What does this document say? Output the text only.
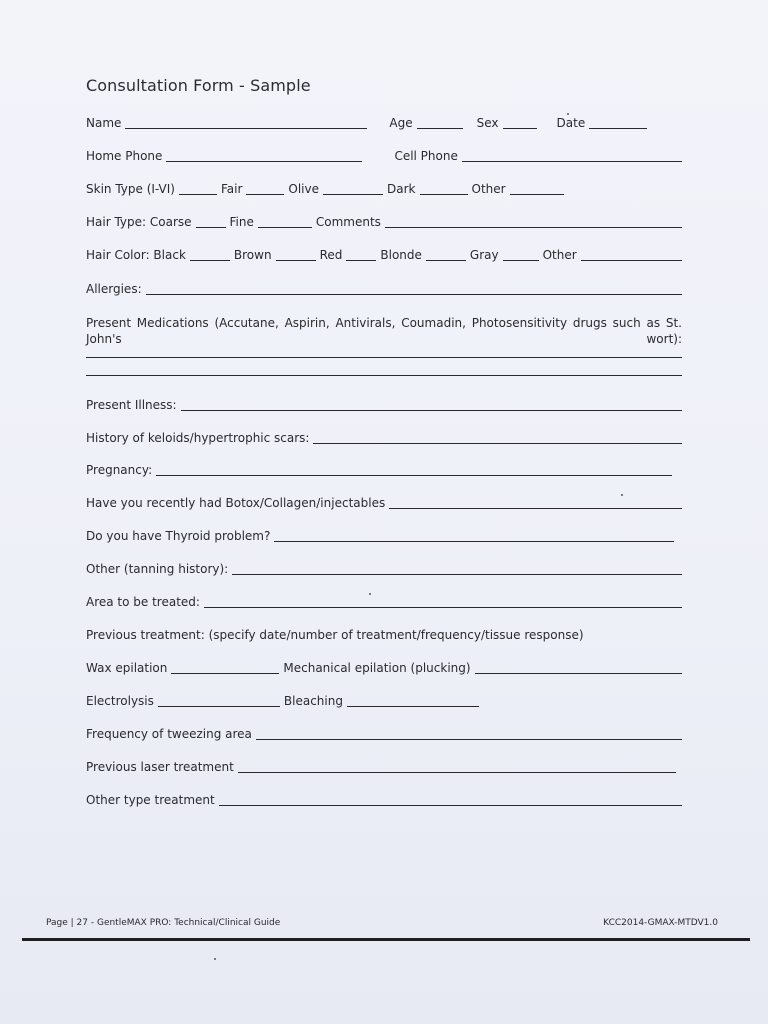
Consultation Form - Sample
Name	Age	Sex	Date
Home Phone	Cell Phone
Skin Type (I-VI)	Fair	Olive	Dark	Other
Hair Type: Coarse	Fine	Comments
Hair Color: Black	Brown	Red	Blonde	Gray	Other
Allergies:
Present Medications (Accutane, Aspirin, Antivirals, Coumadin, Photosensitivity drugs such as St. John's wort):
Present Illness:
History of keloids/hypertrophic scars:
Pregnancy:
Have you recently had Botox/Collagen/injectables
Do you have Thyroid problem?
Other (tanning history):
Area to be treated:
Previous treatment: (specify date/number of treatment/frequency/tissue response)
Wax epilation	Mechanical epilation (plucking)
Electrolysis	Bleaching
Frequency of tweezing area
Previous laser treatment
Other type treatment
Page | 27 - GentleMAX PRO: Technical/Clinical Guide	KCC2014-GMAX-MTDV1.0
